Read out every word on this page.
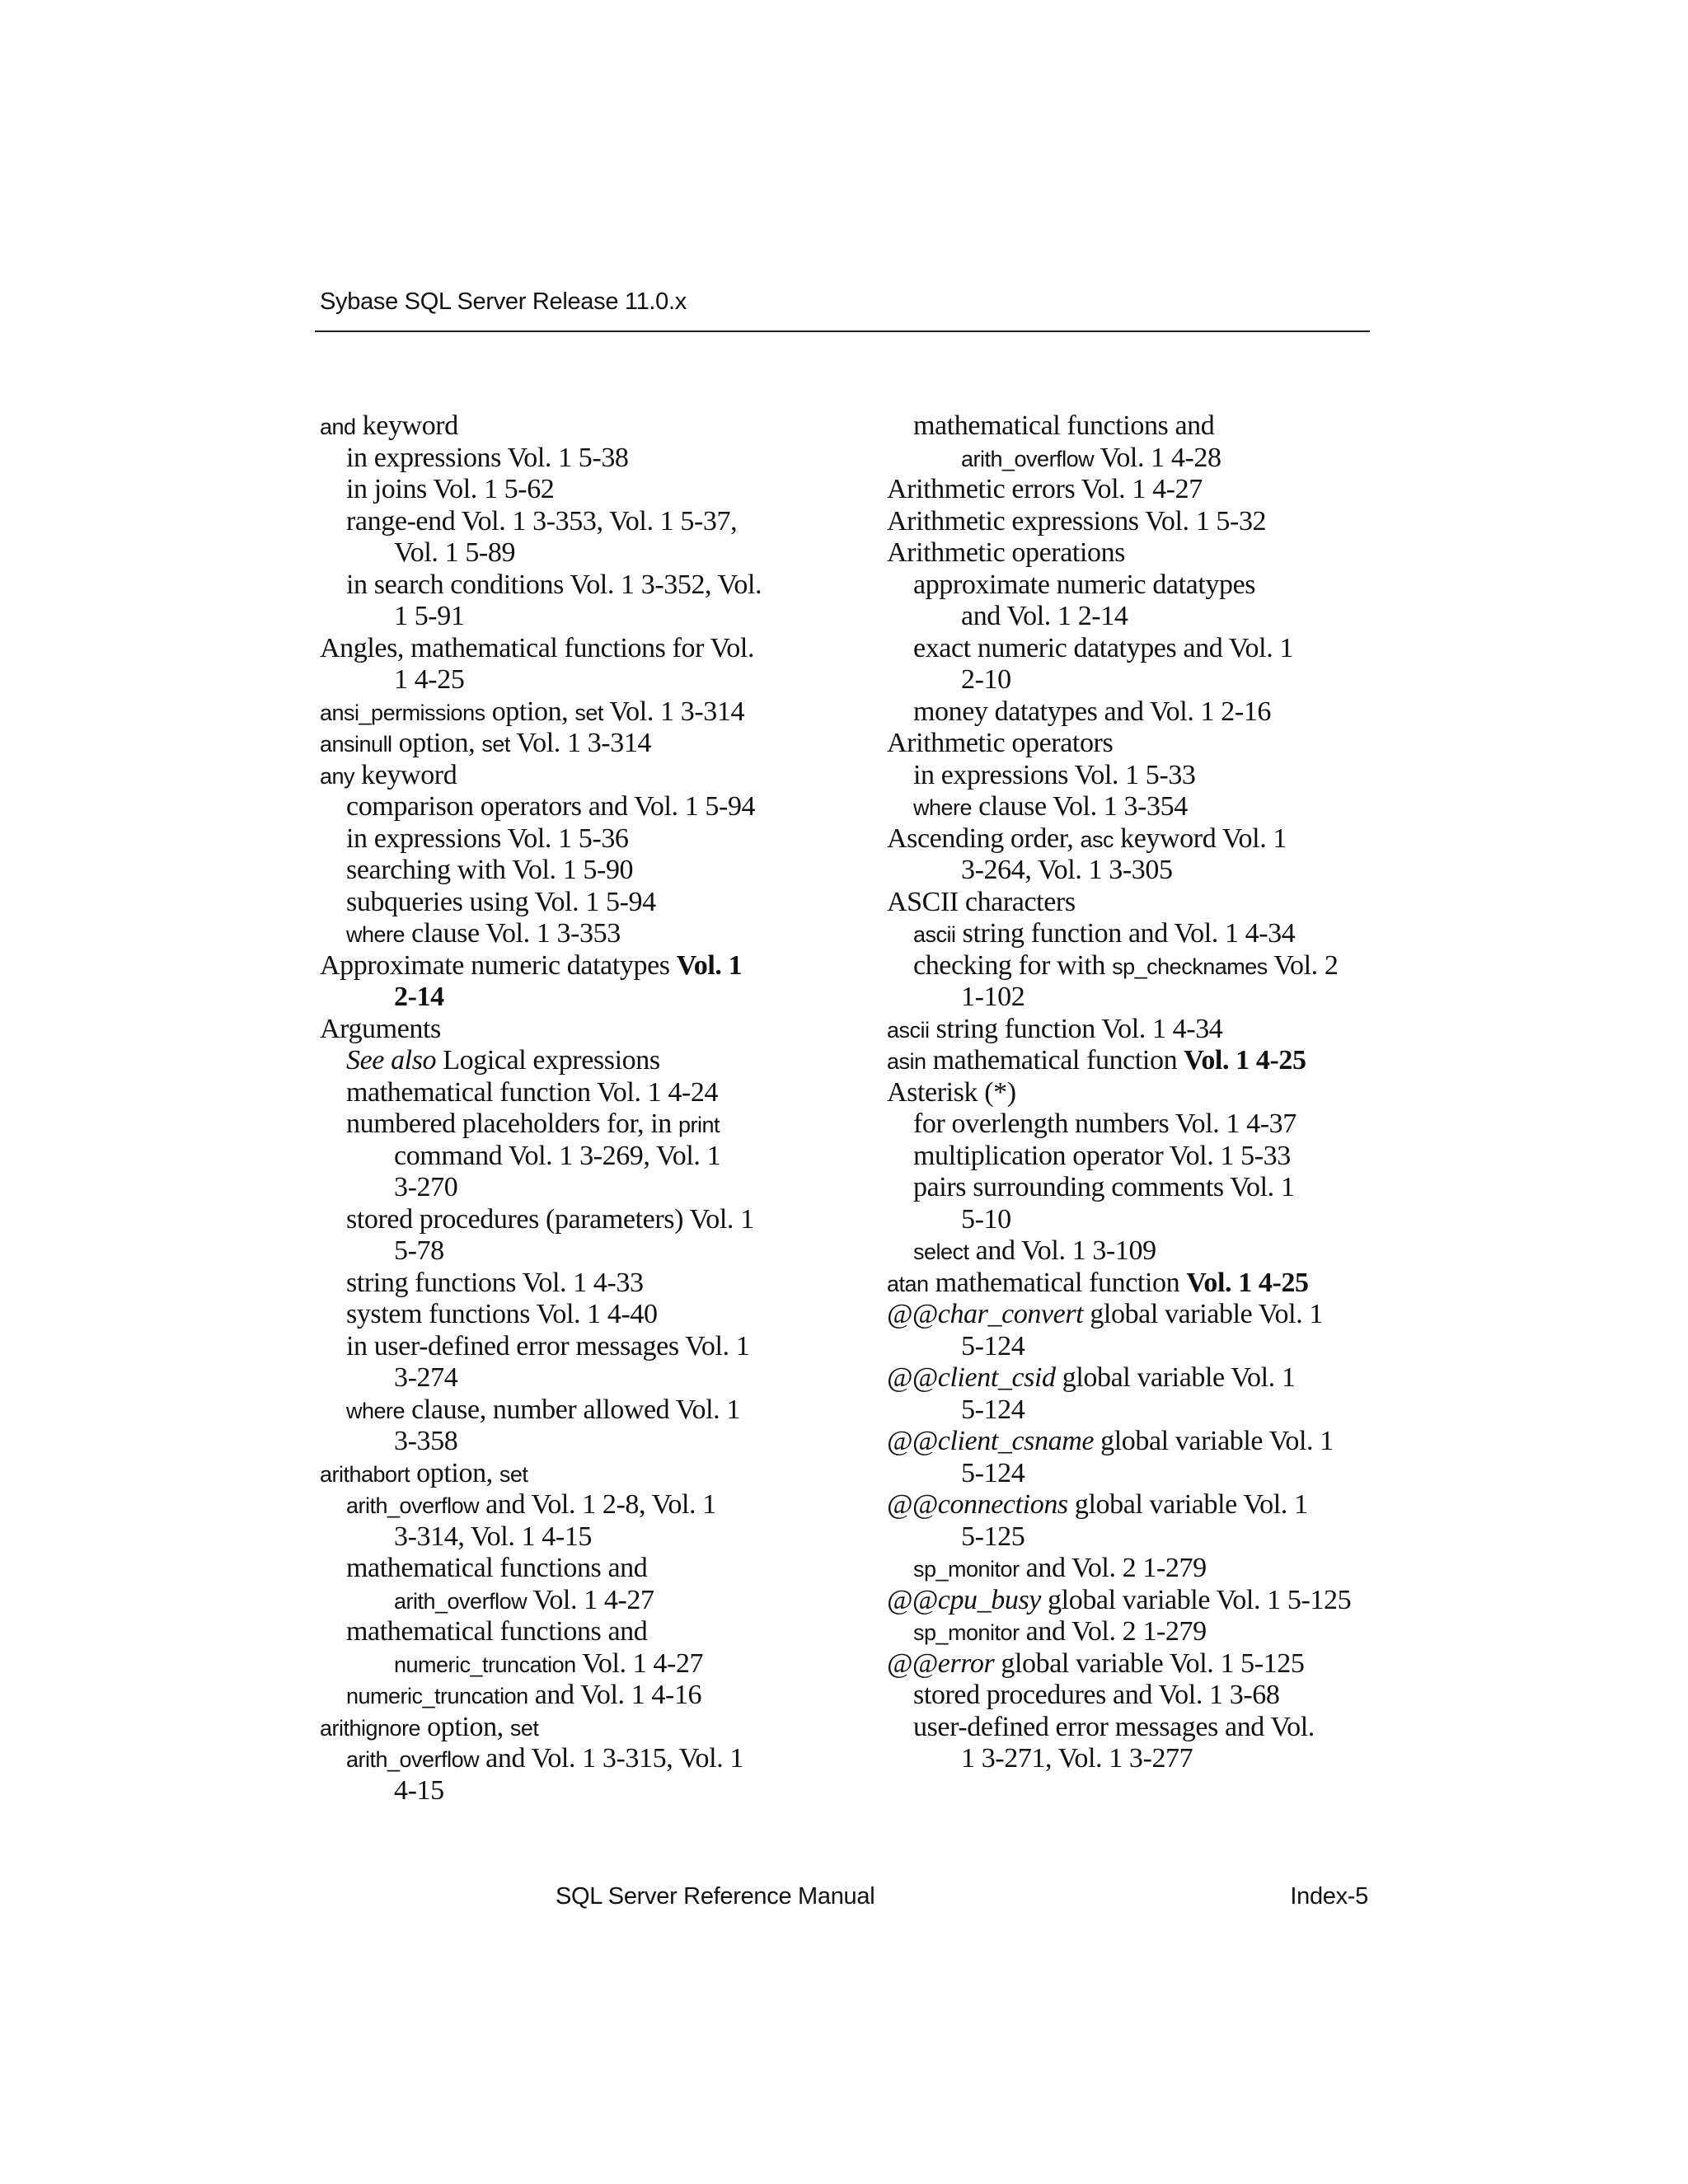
Sybase SQL Server Release 11.0.x
and keyword
in expressions Vol. 1 5-38
in joins Vol. 1 5-62
range-end Vol. 1 3-353, Vol. 1 5-37,
Vol. 1 5-89
in search conditions Vol. 1 3-352, Vol.
1 5-91
Angles, mathematical functions for Vol.
1 4-25
ansi_permissions option, set Vol. 1 3-314
ansinull option, set Vol. 1 3-314
any keyword
comparison operators and Vol. 1 5-94
in expressions Vol. 1 5-36
searching with Vol. 1 5-90
subqueries using Vol. 1 5-94
where clause Vol. 1 3-353
Approximate numeric datatypes Vol. 1
2-14
Arguments
See also Logical expressions
mathematical function Vol. 1 4-24
numbered placeholders for, in print
command Vol. 1 3-269, Vol. 1
3-270
stored procedures (parameters) Vol. 1
5-78
string functions Vol. 1 4-33
system functions Vol. 1 4-40
in user-defined error messages Vol. 1
3-274
where clause, number allowed Vol. 1
3-358
arithabort option, set
arith_overflow and Vol. 1 2-8, Vol. 1
3-314, Vol. 1 4-15
mathematical functions and
arith_overflow Vol. 1 4-27
mathematical functions and
numeric_truncation Vol. 1 4-27
numeric_truncation and Vol. 1 4-16
arithignore option, set
arith_overflow and Vol. 1 3-315, Vol. 1
4-15
mathematical functions and
arith_overflow Vol. 1 4-28
Arithmetic errors Vol. 1 4-27
Arithmetic expressions Vol. 1 5-32
Arithmetic operations
approximate numeric datatypes
and Vol. 1 2-14
exact numeric datatypes and Vol. 1
2-10
money datatypes and Vol. 1 2-16
Arithmetic operators
in expressions Vol. 1 5-33
where clause Vol. 1 3-354
Ascending order, asc keyword Vol. 1
3-264, Vol. 1 3-305
ASCII characters
ascii string function and Vol. 1 4-34
checking for with sp_checknames Vol. 2
1-102
ascii string function Vol. 1 4-34
asin mathematical function Vol. 1 4-25
Asterisk (*)
for overlength numbers Vol. 1 4-37
multiplication operator Vol. 1 5-33
pairs surrounding comments Vol. 1
5-10
select and Vol. 1 3-109
atan mathematical function Vol. 1 4-25
@@char_convert global variable Vol. 1
5-124
@@client_csid global variable Vol. 1
5-124
@@client_csname global variable Vol. 1
5-124
@@connections global variable Vol. 1
5-125
sp_monitor and Vol. 2 1-279
@@cpu_busy global variable Vol. 1 5-125
sp_monitor and Vol. 2 1-279
@@error global variable Vol. 1 5-125
stored procedures and Vol. 1 3-68
user-defined error messages and Vol.
1 3-271, Vol. 1 3-277
SQL Server Reference Manual	Index-5
